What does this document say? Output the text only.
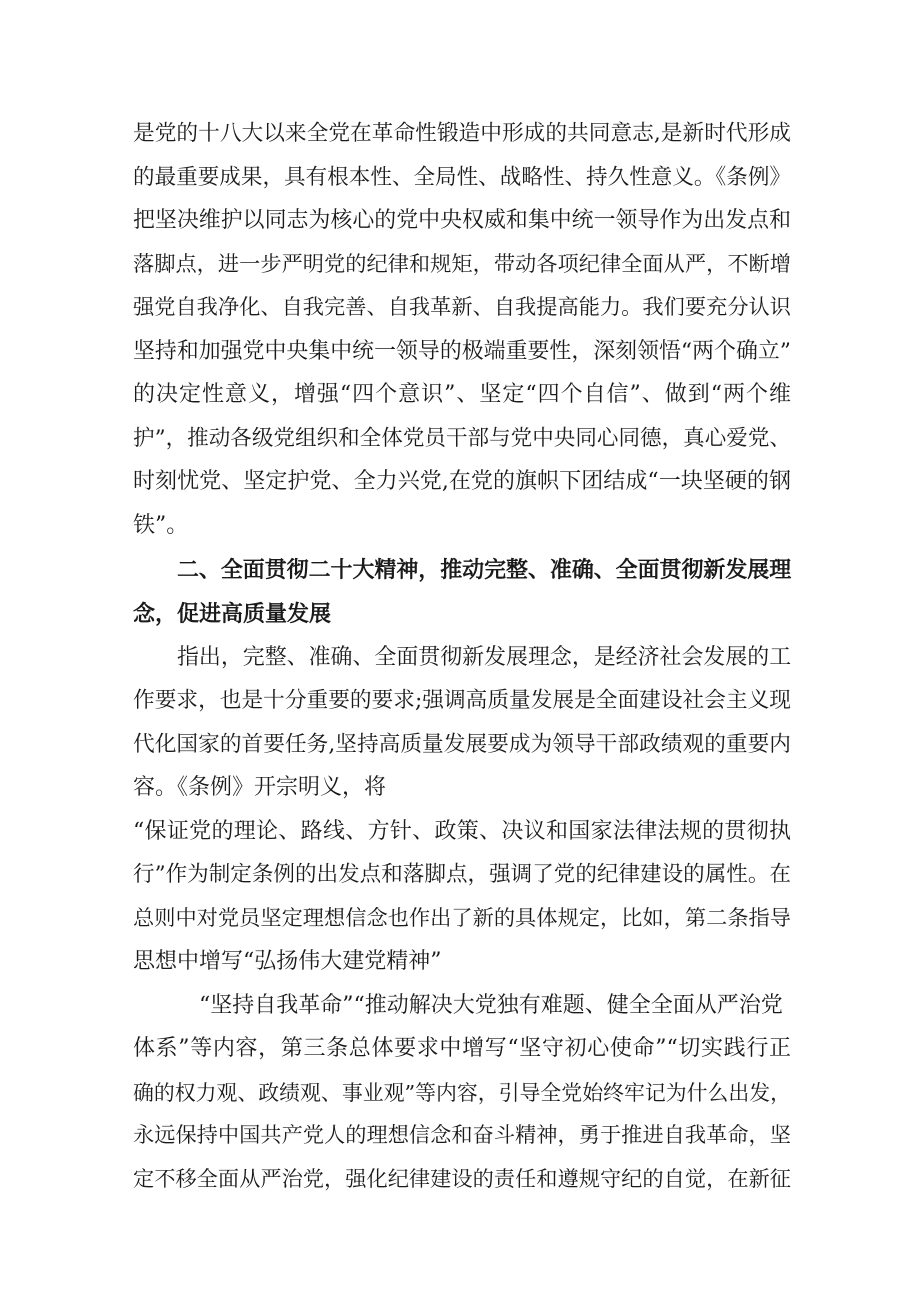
是党的十八大以来全党在革命性锻造中形成的共同意志,是新时代形成
的最重要成果，具有根本性、全局性、战略性、持久性意义。《条例》
把坚决维护以同志为核心的党中央权威和集中统一领导作为出发点和
落脚点，进一步严明党的纪律和规矩，带动各项纪律全面从严，不断增
强党自我净化、自我完善、自我革新、自我提高能力。我们要充分认识
坚持和加强党中央集中统一领导的极端重要性，深刻领悟“两个确立”
的决定性意义，增强“四个意识”、坚定“四个自信”、做到“两个维
护”，推动各级党组织和全体党员干部与党中央同心同德，真心爱党、
时刻忧党、坚定护党、全力兴党,在党的旗帜下团结成“一块坚硬的钢
铁”。
二、全面贯彻二十大精神，推动完整、准确、全面贯彻新发展理
念，促进高质量发展
指出，完整、准确、全面贯彻新发展理念，是经济社会发展的工
作要求，也是十分重要的要求;强调高质量发展是全面建设社会主义现
代化国家的首要任务,坚持高质量发展要成为领导干部政绩观的重要内
容。《条例》开宗明义，将
“保证党的理论、路线、方针、政策、决议和国家法律法规的贯彻执
行”作为制定条例的出发点和落脚点，强调了党的纪律建设的属性。在
总则中对党员坚定理想信念也作出了新的具体规定，比如，第二条指导
思想中增写“弘扬伟大建党精神”
“坚持自我革命”“推动解决大党独有难题、健全全面从严治党
体系”等内容，第三条总体要求中增写“坚守初心使命”“切实践行正
确的权力观、政绩观、事业观”等内容，引导全党始终牢记为什么出发，
永远保持中国共产党人的理想信念和奋斗精神，勇于推进自我革命，坚
定不移全面从严治党，强化纪律建设的责任和遵规守纪的自觉，在新征
